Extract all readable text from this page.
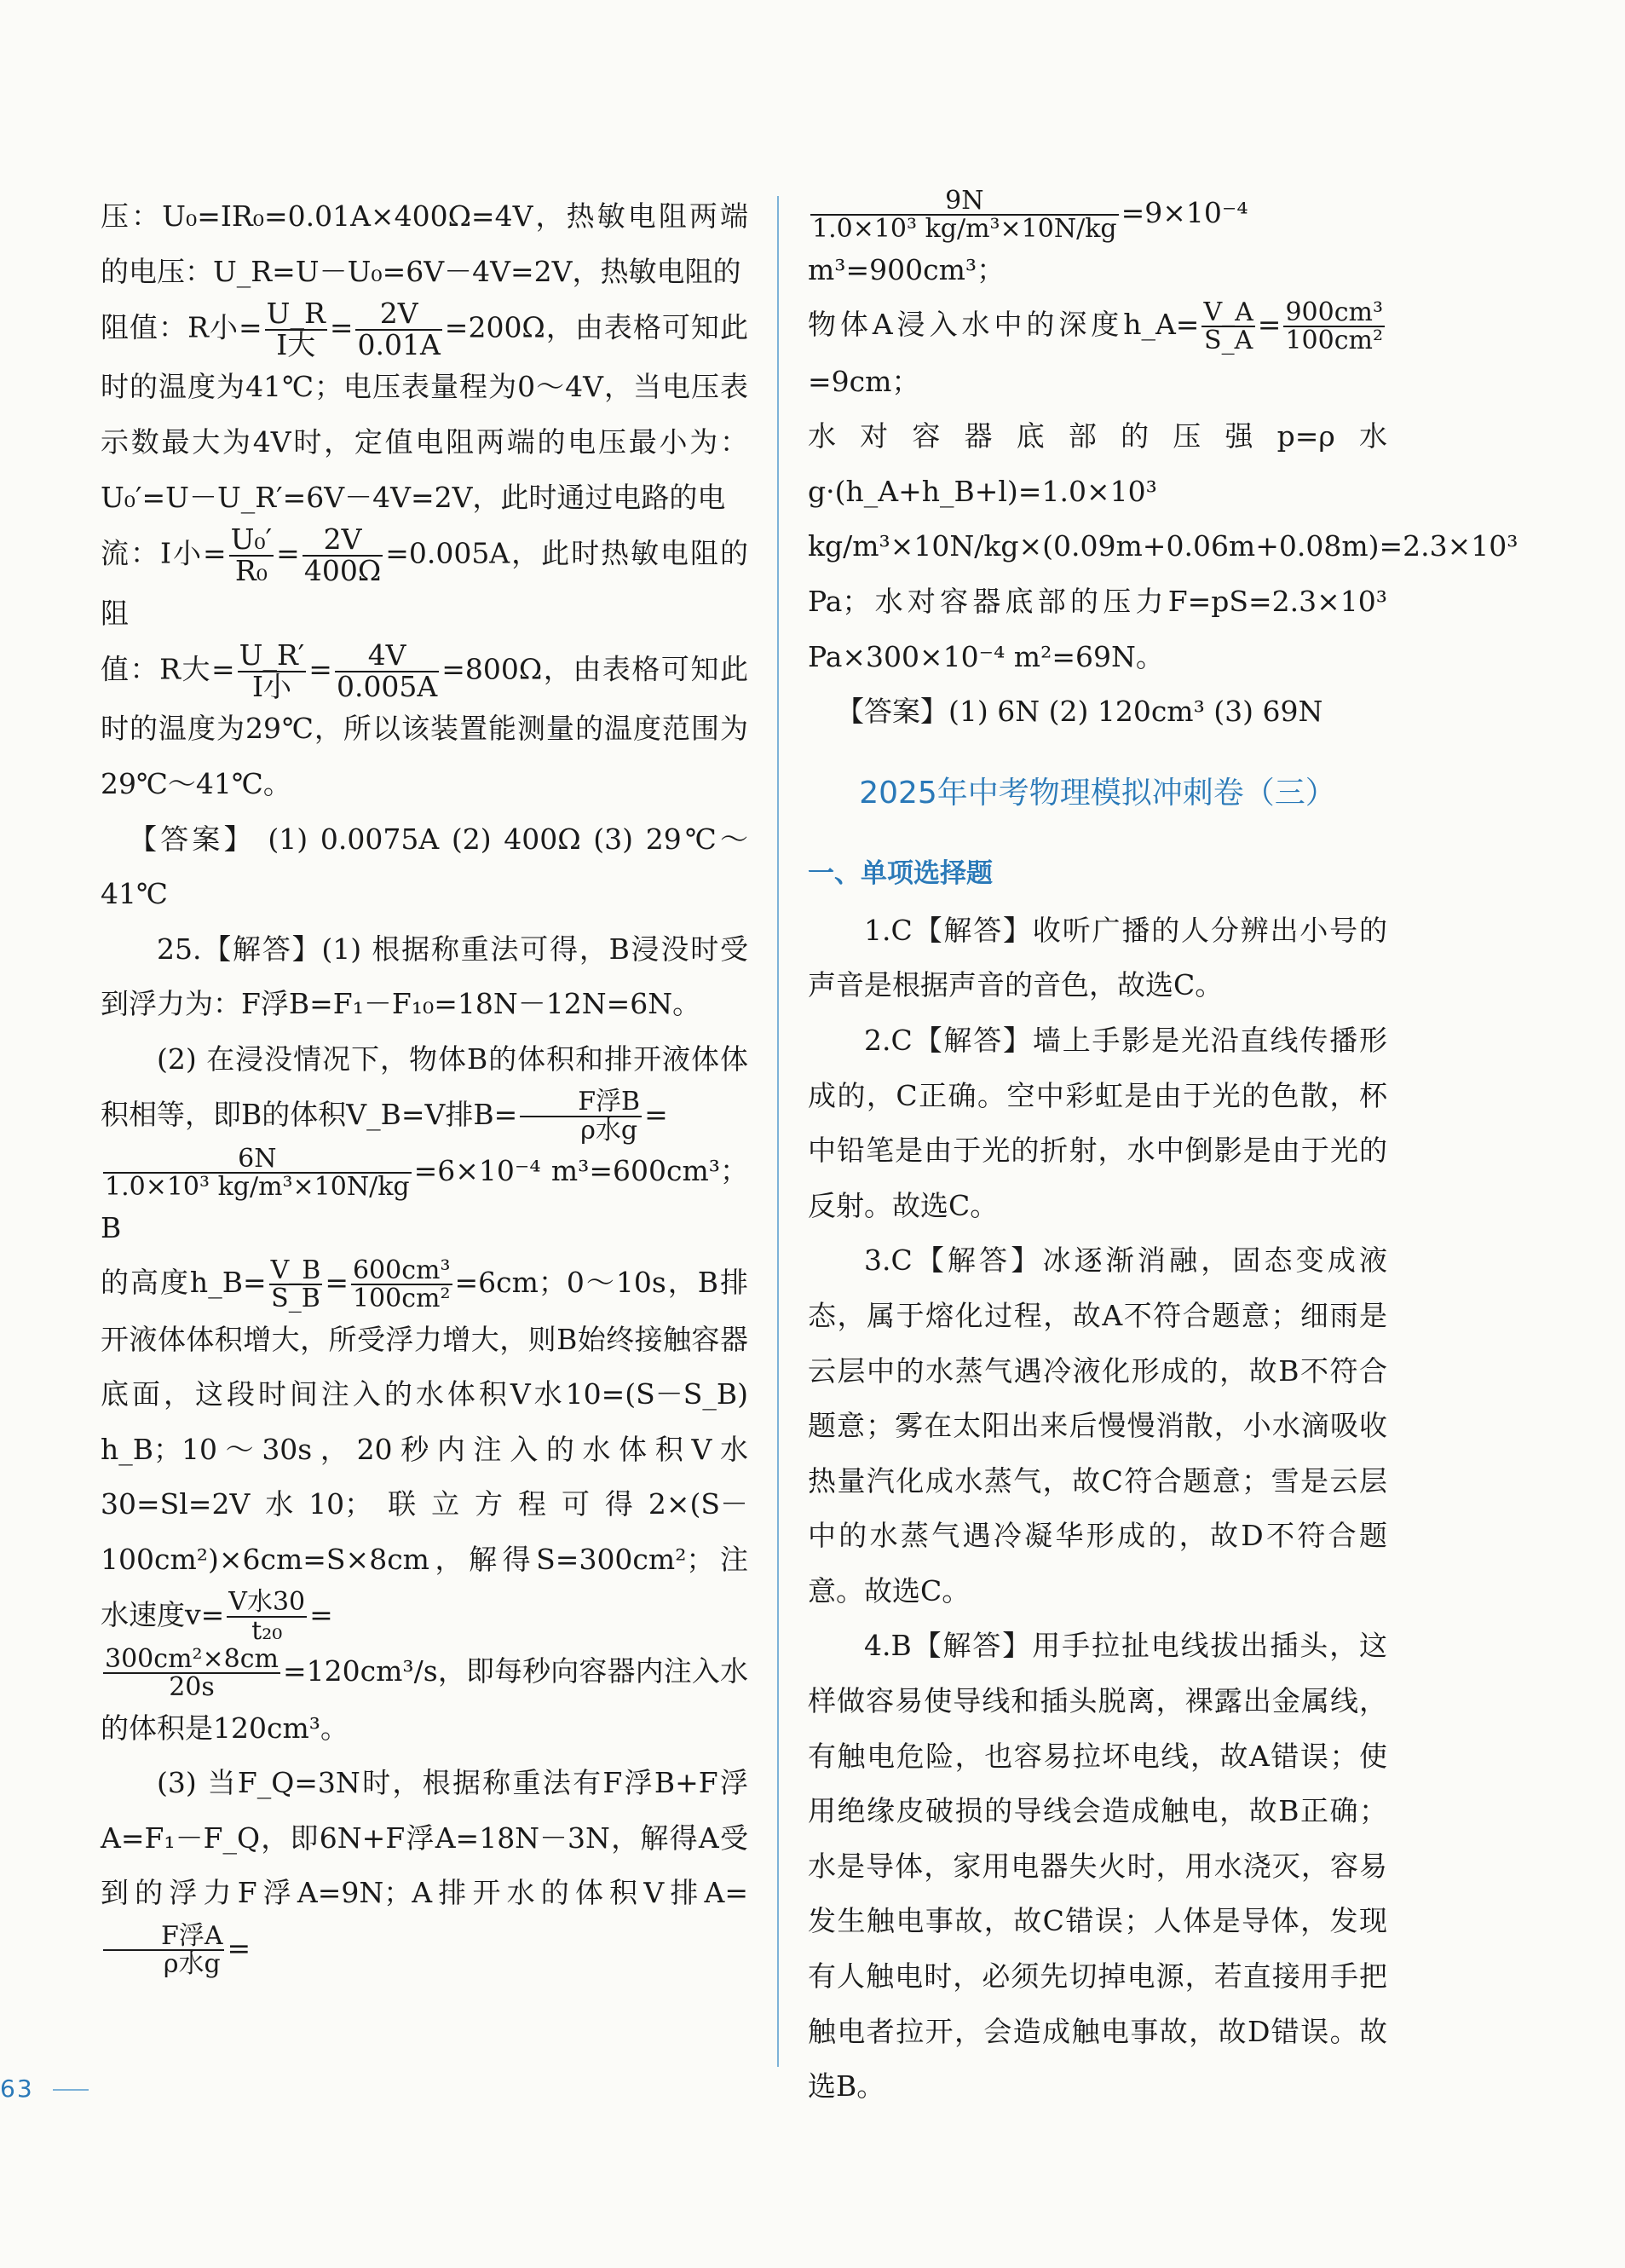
压：U₀=IR₀=0.01A×400Ω=4V，热敏电阻两端的电压：U_R=U－U₀=6V－4V=2V，热敏电阻的

阻值：R小= $\frac{U\_R}{\text{I大}} = \frac{2V}{0.01A} =200\Omega$，由表格可知此时的温度为41℃；电压表量程为0～4V，当电压表示数最大为4V时，定值电阻两端的电压最小为：U₀′=U－U_R′=6V－4V=2V，此时通过电路的电

流：I小= $\frac{\text{U₀′}}{\text{R₀}} = \frac{2V}{400\Omega} =0.005A$，此时热敏电阻的阻

值：R大= $\frac{U\_R'}{\text{I小}} = \frac{4V}{0.005A} =800\Omega$，由表格可知此时的温度为29℃，所以该装置能测量的温度范围为29℃～41℃。

【答案】 (1) 0.0075A (2) 400Ω (3) 29℃～41℃

25.【解答】(1) 根据称重法可得，B浸没时受到浮力为：F浮B=F₁－F₁₀=18N－12N=6N。

(2) 在浸没情况下，物体B的体积和排开液体体积相等，即B的体积V_B=V排$B= \frac{\text{F浮B}}{\text{ρ水g}}$ =

$\frac{6N}{\text{1.0×10³ kg/m³×10N/kg}} =6\times 10^{-4}$ m³=600cm³；B

的高度h_B= $\frac{V\_B}{S\_B} = \frac{\text{600cm³}}{\text{100cm²}} =6cm$；0～10s，B排开液体体积增大，所受浮力增大，则B始终接触容器底面，这段时间注入的水体积V水10=(S－S_B) h_B；10～30s，20秒内注入的水体积V水30=Sl=2V水10；联立方程可得2×(S－100cm²)×6cm=S×8cm，解得S=300cm²；注水速度$v= \frac{\text{V水30}}{\text{t₂₀}}$ =

$\frac{\text{300cm²×8cm}}{20s} =120cm^3/s$，即每秒向容器内注入水的体积是120cm³。

(3) 当F_Q=3N时，根据称重法有F浮B+F浮A=F₁－F_Q，即6N+F浮A=18N－3N，解得A受到的浮力F浮A=9N；A排开水的体积V排A=
$\frac{\text{F浮A}}{\text{ρ水g}}$ =

$\frac{9N}{\text{1.0×10³ kg/m³×10N/kg}} =9\times 10^{-4}$ m³=900cm³；

物体A浸入水中的深度h_A= $\frac{V\_A}{S\_A} = \frac{\text{900cm³}}{\text{100cm²}}$
=9cm；

水对容器底部的压强p=ρ水g·(h_A+h_B+l)=1.0×10³ kg/m³×10N/kg×(0.09m+0.06m+0.08m)=2.3×10³ Pa；水对容器底部的压力F=pS=2.3×10³ Pa×300×10⁻⁴ m²=69N。

【答案】(1) 6N (2) 120cm³ (3) 69N

2025年中考物理模拟冲刺卷（三）
一、单项选择题

1.C【解答】收听广播的人分辨出小号的声音是根据声音的音色，故选C。

2.C【解答】墙上手影是光沿直线传播形成的，C正确。空中彩虹是由于光的色散，杯中铅笔是由于光的折射，水中倒影是由于光的反射。故选C。

3.C【解答】冰逐渐消融，固态变成液态，属于熔化过程，故A不符合题意；细雨是云层中的水蒸气遇冷液化形成的，故B不符合题意；雾在太阳出来后慢慢消散，小水滴吸收热量汽化成水蒸气，故C符合题意；雪是云层中的水蒸气遇冷凝华形成的，故D不符合题意。故选C。

4.B【解答】用手拉扯电线拔出插头，这样做容易使导线和插头脱离，裸露出金属线，有触电危险，也容易拉坏电线，故A错误；使用绝缘皮破损的导线会造成触电，故B正确；水是导体，家用电器失火时，用水浇灭，容易发生触电事故，故C错误；人体是导体，发现有人触电时，必须先切掉电源，若直接用手把触电者拉开，会造成触电事故，故D错误。故选B。

63
